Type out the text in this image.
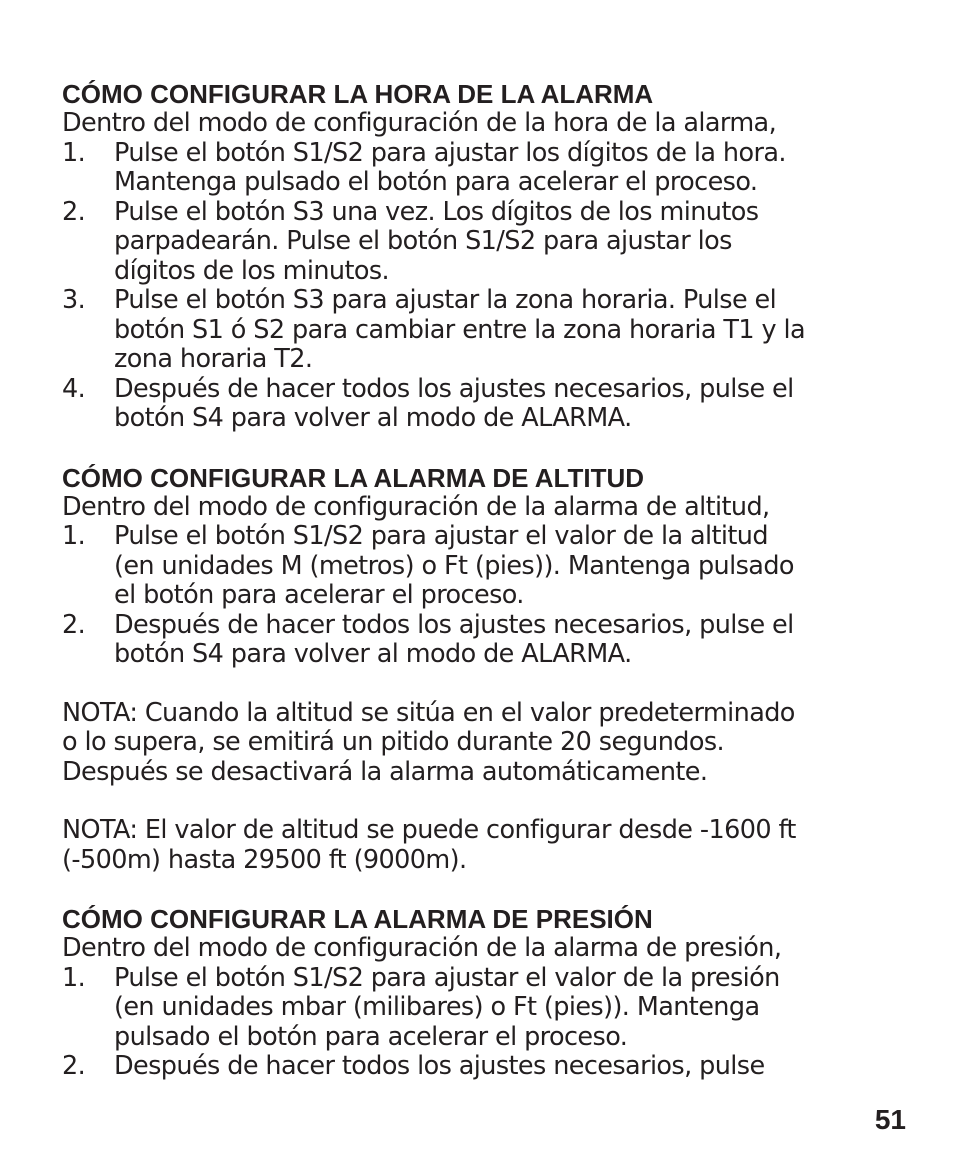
CÓMO CONFIGURAR LA HORA DE LA ALARMA

Dentro del modo de configuración de la hora de la alarma,

1.	Pulse el botón S1/S2 para ajustar los dígitos de la hora.

Mantenga pulsado el botón para acelerar el proceso.

2.	Pulse el botón S3 una vez. Los dígitos de los minutos

parpadearán. Pulse el botón S1/S2 para ajustar los

dígitos de los minutos.

3.	Pulse el botón S3 para ajustar la zona horaria. Pulse el

botón S1 ó S2 para cambiar entre la zona horaria T1 y la

zona horaria T2.

4.	Después de hacer todos los ajustes necesarios, pulse el

botón S4 para volver al modo de ALARMA.

CÓMO CONFIGURAR LA ALARMA DE ALTITUD

Dentro del modo de configuración de la alarma de altitud,

1.	Pulse el botón S1/S2 para ajustar el valor de la altitud

(en unidades M (metros) o Ft (pies)). Mantenga pulsado

el botón para acelerar el proceso.

2.	Después de hacer todos los ajustes necesarios, pulse el

botón S4 para volver al modo de ALARMA.

NOTA: Cuando la altitud se sitúa en el valor predeterminado

o lo supera, se emitirá un pitido durante 20 segundos.

Después se desactivará la alarma automáticamente.

NOTA: El valor de altitud se puede configurar desde -1600 ft

(-500m) hasta 29500 ft (9000m).

CÓMO CONFIGURAR LA ALARMA DE PRESIÓN

Dentro del modo de configuración de la alarma de presión,

1.	Pulse el botón S1/S2 para ajustar el valor de la presión

(en unidades mbar (milibares) o Ft (pies)). Mantenga

pulsado el botón para acelerar el proceso.

2.	Después de hacer todos los ajustes necesarios, pulse

51
